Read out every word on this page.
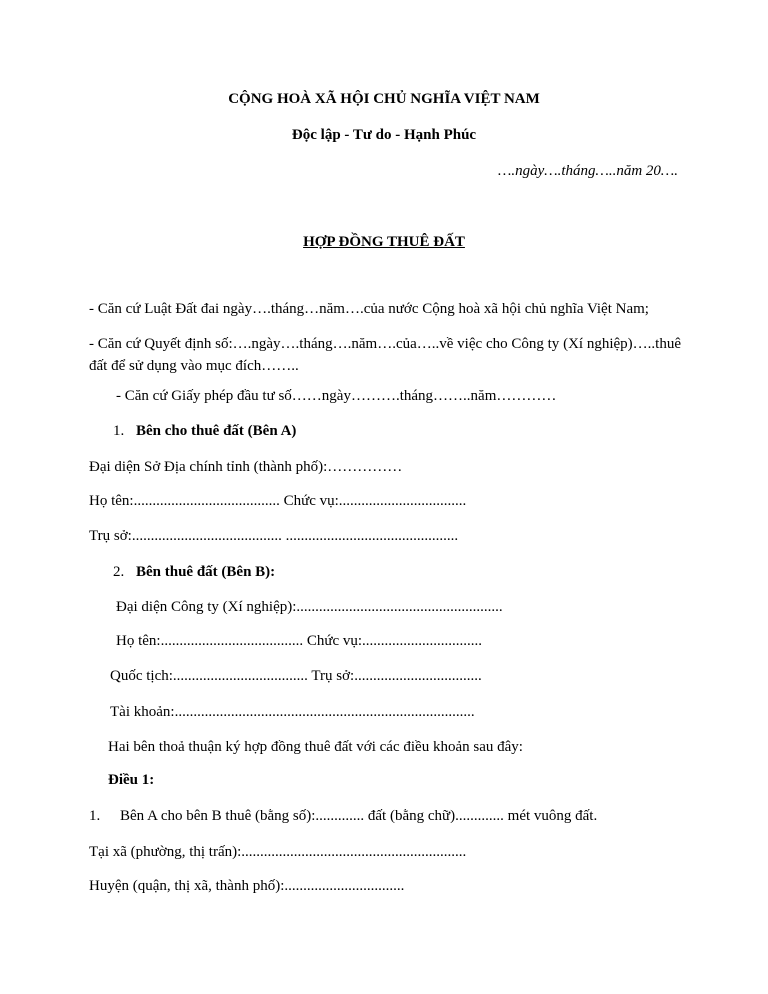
CỘNG HOÀ XÃ HỘI CHỦ NGHĨA VIỆT NAM
Độc lập - Tư do - Hạnh Phúc
….ngày….tháng…..năm 20….
HỢP ĐỒNG THUÊ ĐẤT
- Căn cứ Luật Đất đai ngày….tháng…năm….của nước Cộng hoà xã hội chủ nghĩa Việt Nam;
- Căn cứ Quyết định số:….ngày….tháng….năm….của…..về việc cho Công ty (Xí nghiệp)…..thuê đất để sử dụng vào mục đích……..
- Căn cứ Giấy phép đầu tư số……ngày……….tháng……..năm…………
1. Bên cho thuê đất (Bên A)
Đại diện Sở Địa chính tỉnh (thành phố):……………
Họ tên:....................................... Chức vụ:..................................
Trụ sở:........................................ ..............................................
2. Bên thuê đất (Bên B):
Đại diện Công ty (Xí nghiệp):.......................................................
Họ tên:...................................... Chức vụ:................................
Quốc tịch:.................................... Trụ sở:..................................
Tài khoản:................................................................................
Hai bên thoả thuận ký hợp đồng thuê đất với các điều khoản sau đây:
Điều 1:
1. Bên A cho bên B thuê (bằng số):............. đất (bằng chữ)............. mét vuông đất.
Tại xã (phường, thị trấn):............................................................
Huyện (quận, thị xã, thành phố):................................
